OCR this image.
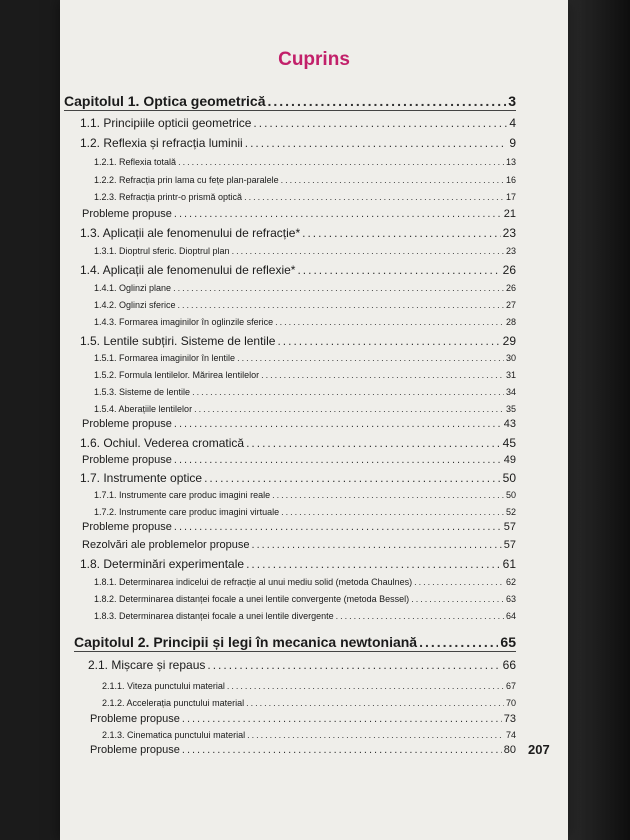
Cuprins
Capitolul 1. Optica geometrică .....	3
1.1. Principiile opticii geometrice .....	4
1.2. Reflexia și refracția luminii .....	9
1.2.1. Reflexia totală .....	13
1.2.2. Refracția prin lama cu fețe plan-paralele .....	16
1.2.3. Refracția printr-o prismă optică .....	17
Probleme propuse .....	21
1.3. Aplicații ale fenomenului de refracție* .....	23
1.3.1. Dioptrul sferic. Dioptrul plan .....	23
1.4. Aplicații ale fenomenului de reflexie* .....	26
1.4.1. Oglinzi plane .....	26
1.4.2. Oglinzi sferice .....	27
1.4.3. Formarea imaginilor în oglinzile sferice .....	28
1.5. Lentile subțiri. Sisteme de lentile .....	29
1.5.1. Formarea imaginilor în lentile .....	30
1.5.2. Formula lentilelor. Mărirea lentilelor .....	31
1.5.3. Sisteme de lentile .....	34
1.5.4. Aberațiile lentilelor .....	35
Probleme propuse .....	43
1.6. Ochiul. Vederea cromatică .....	45
Probleme propuse .....	49
1.7. Instrumente optice .....	50
1.7.1. Instrumente care produc imagini reale .....	50
1.7.2. Instrumente care produc imagini virtuale .....	52
Probleme propuse .....	57
Rezolvări ale problemelor propuse .....	57
1.8. Determinări experimentale .....	61
1.8.1. Determinarea indicelui de refracție al unui mediu solid (metoda Chaulnes) .....	62
1.8.2. Determinarea distanței focale a unei lentile convergente (metoda Bessel) .....	63
1.8.3. Determinarea distanței focale a unei lentile divergente .....	64
Capitolul 2. Principii și legi în mecanica newtoniană .....	65
2.1. Mișcare și repaus .....	66
2.1.1. Viteza punctului material .....	67
2.1.2. Accelerația punctului material .....	70
Probleme propuse .....	73
2.1.3. Cinematica punctului material .....	74
Probleme propuse .....	80 207
